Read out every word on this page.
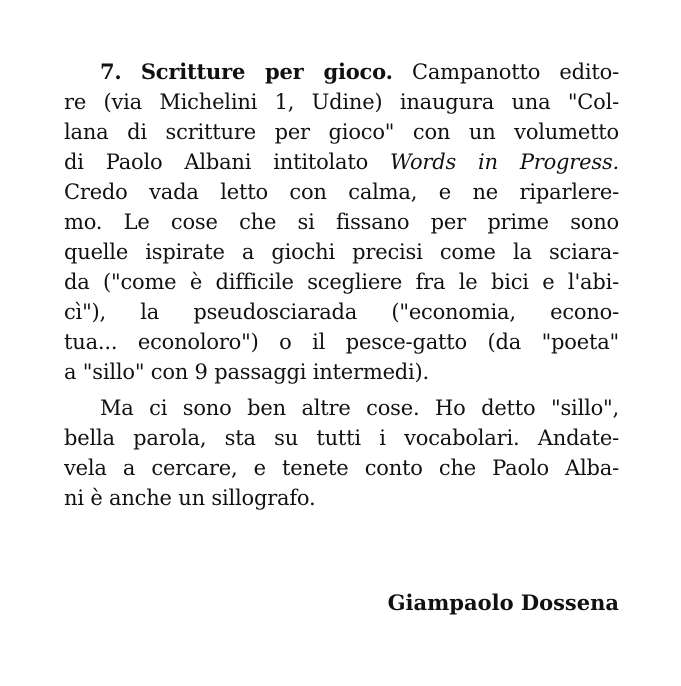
7. Scritture per gioco. Campanotto edito-
re (via Michelini 1, Udine) inaugura una "Col-
lana di scritture per gioco" con un volumetto
di Paolo Albani intitolato Words in Progress.
Credo vada letto con calma, e ne riparlere-
mo. Le cose che si fissano per prime sono
quelle ispirate a giochi precisi come la sciara-
da ("come è difficile scegliere fra le bici e l'abi-
cì"), la pseudosciarada ("economia, econo-
tua... econoloro") o il pesce-gatto (da "poeta"
a "sillo" con 9 passaggi intermedi).
Ma ci sono ben altre cose. Ho detto "sillo",
bella parola, sta su tutti i vocabolari. Andate-
vela a cercare, e tenete conto che Paolo Alba-
ni è anche un sillografo.
Giampaolo Dossena
